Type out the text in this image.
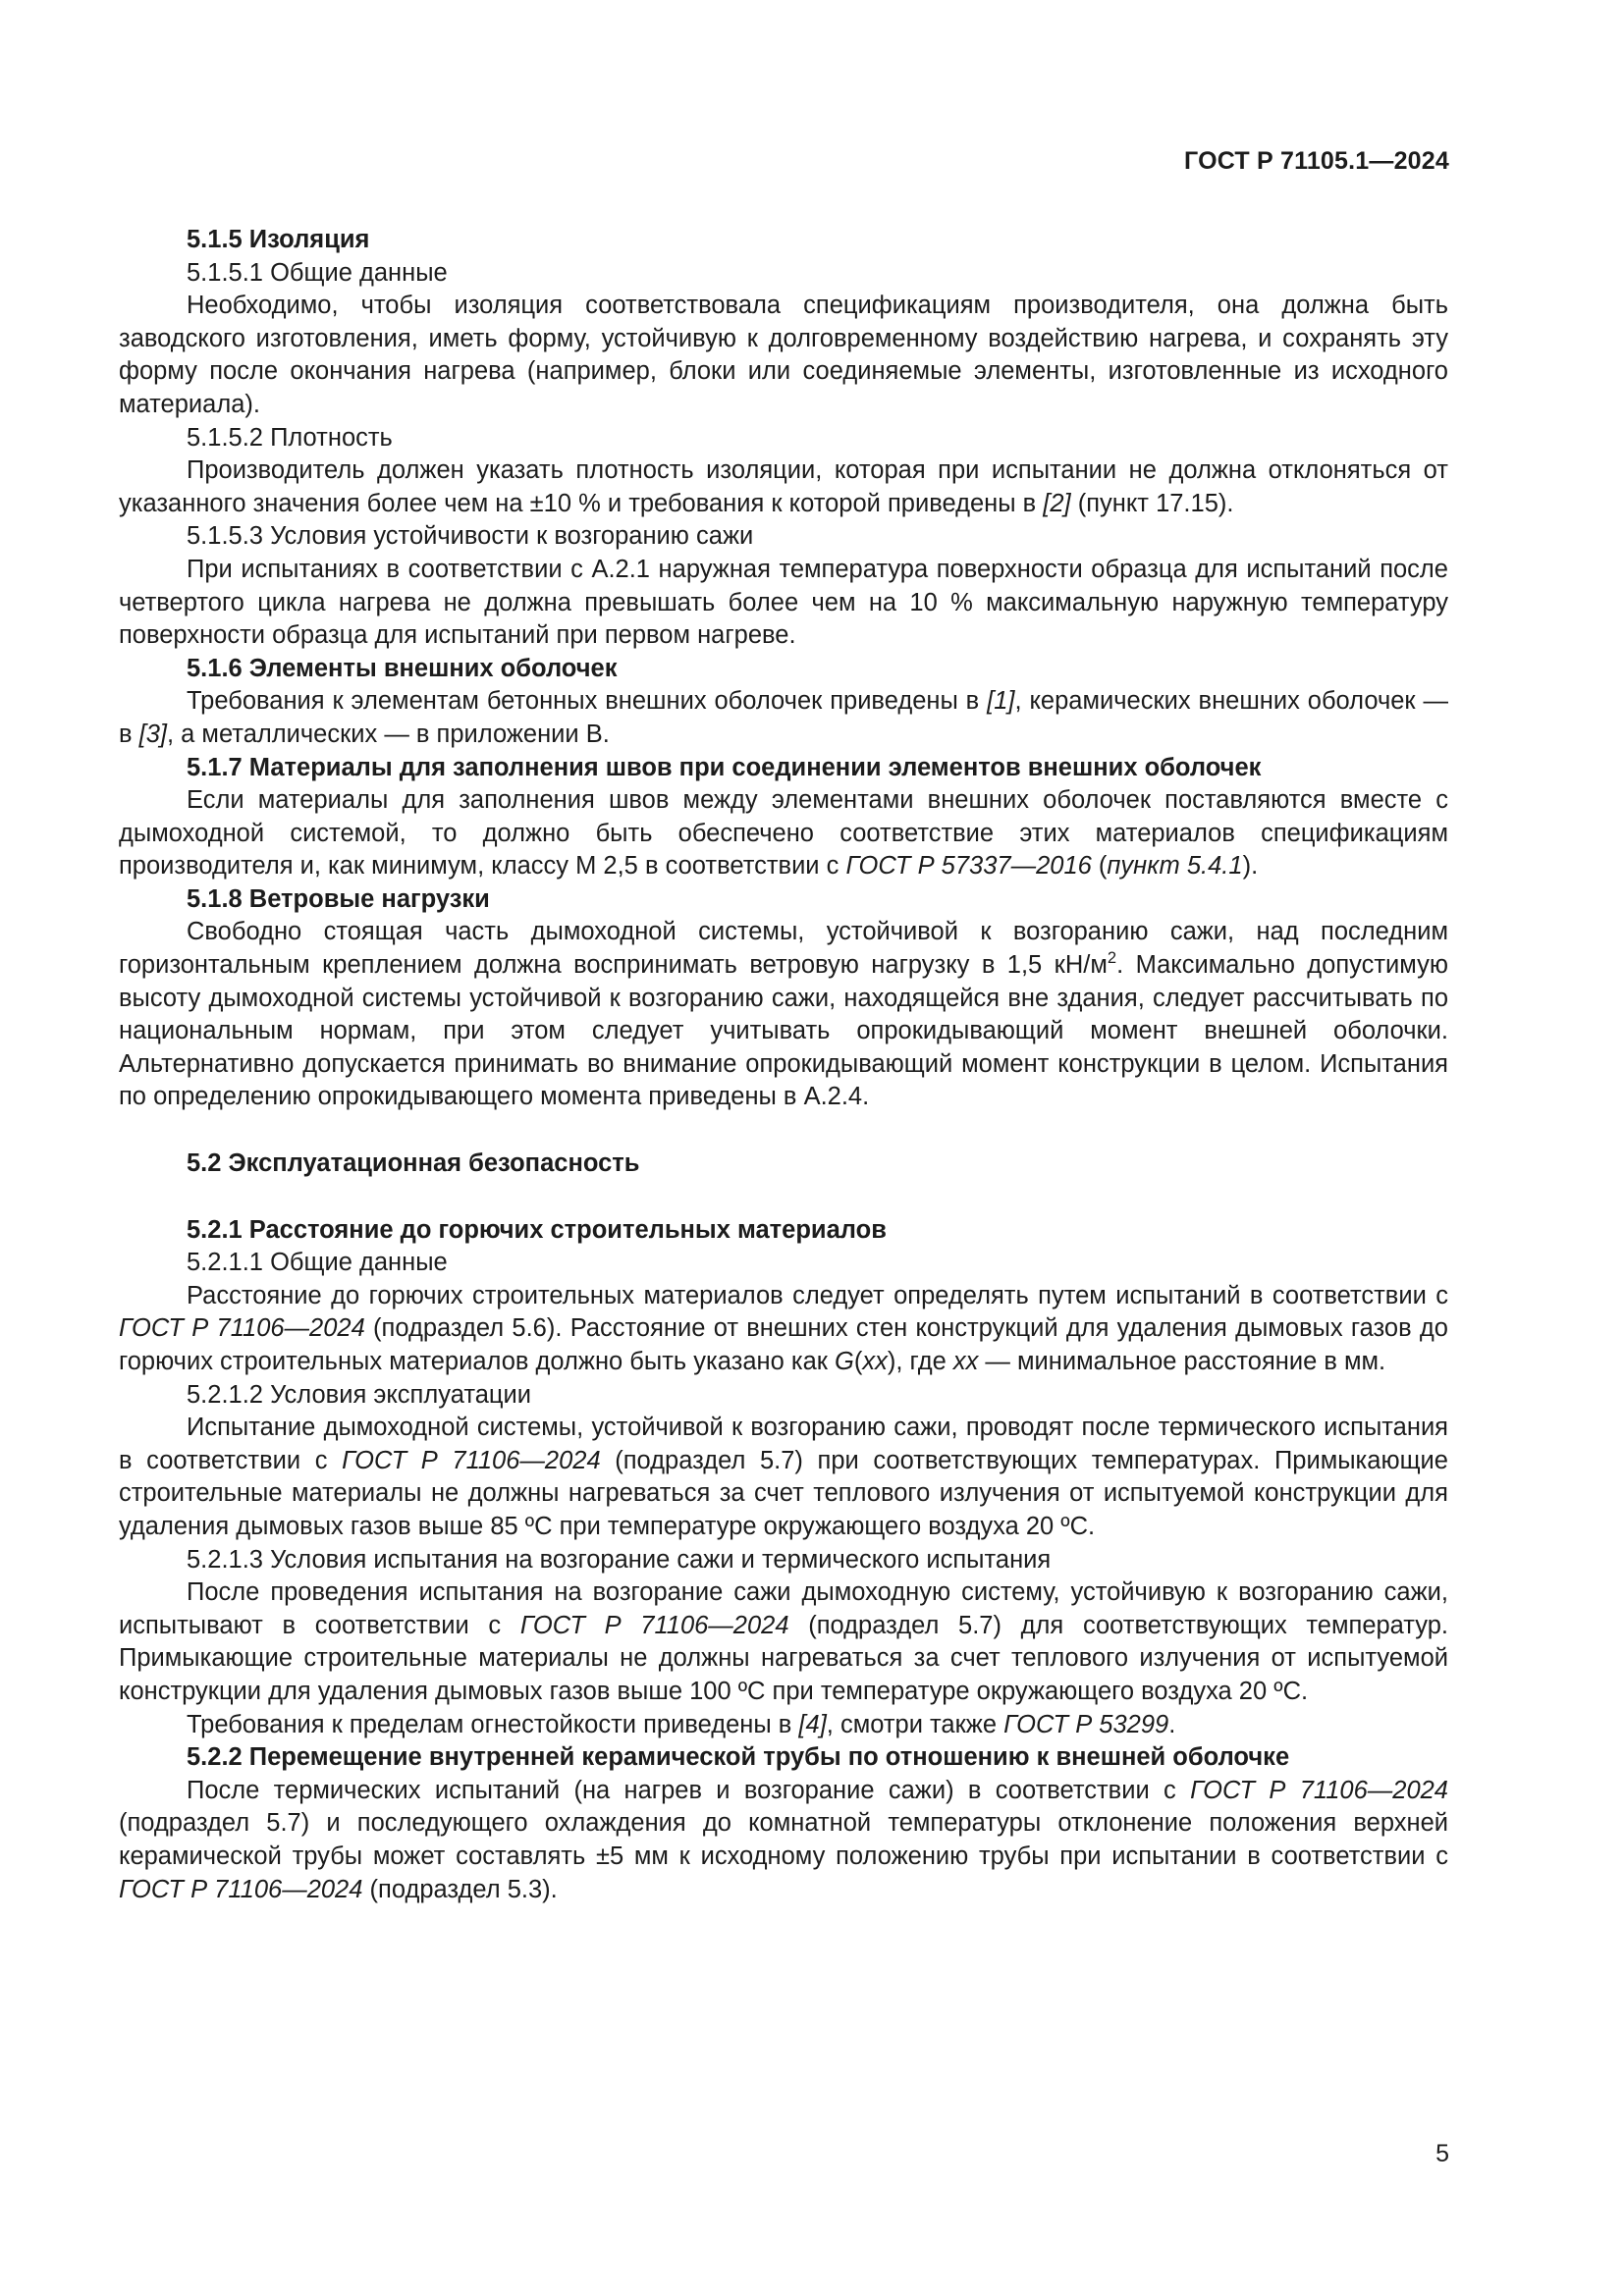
ГОСТ Р 71105.1—2024

5.1.5 Изоляция

5.1.5.1 Общие данные

Необходимо, чтобы изоляция соответствовала спецификациям производителя, она должна быть заводского изготовления, иметь форму, устойчивую к долговременному воздействию нагрева, и сохранять эту форму после окончания нагрева (например, блоки или соединяемые элементы, изготовленные из исходного материала).

5.1.5.2 Плотность

Производитель должен указать плотность изоляции, которая при испытании не должна отклоняться от указанного значения более чем на ±10 % и требования к которой приведены в [2] (пункт 17.15).

5.1.5.3 Условия устойчивости к возгоранию сажи

При испытаниях в соответствии с А.2.1 наружная температура поверхности образца для испытаний после четвертого цикла нагрева не должна превышать более чем на 10 % максимальную наружную температуру поверхности образца для испытаний при первом нагреве.

5.1.6 Элементы внешних оболочек

Требования к элементам бетонных внешних оболочек приведены в [1], керамических внешних оболочек — в [3], а металлических — в приложении В.

5.1.7 Материалы для заполнения швов при соединении элементов внешних оболочек

Если материалы для заполнения швов между элементами внешних оболочек поставляются вместе с дымоходной системой, то должно быть обеспечено соответствие этих материалов спецификациям производителя и, как минимум, классу М 2,5 в соответствии с ГОСТ Р 57337—2016 (пункт 5.4.1).

5.1.8 Ветровые нагрузки

Свободно стоящая часть дымоходной системы, устойчивой к возгоранию сажи, над последним горизонтальным креплением должна воспринимать ветровую нагрузку в 1,5 $кН/м^2$. Максимально допустимую высоту дымоходной системы устойчивой к возгоранию сажи, находящейся вне здания, следует рассчитывать по национальным нормам, при этом следует учитывать опрокидывающий момент внешней оболочки. Альтернативно допускается принимать во внимание опрокидывающий момент конструкции в целом. Испытания по определению опрокидывающего момента приведены в А.2.4.

5.2 Эксплуатационная безопасность

5.2.1 Расстояние до горючих строительных материалов

5.2.1.1 Общие данные

Расстояние до горючих строительных материалов следует определять путем испытаний в соответствии с ГОСТ Р 71106—2024 (подраздел 5.6). Расстояние от внешних стен конструкций для удаления дымовых газов до горючих строительных материалов должно быть указано как G(xx), где xx — минимальное расстояние в мм.

5.2.1.2 Условия эксплуатации

Испытание дымоходной системы, устойчивой к возгоранию сажи, проводят после термического испытания в соответствии с ГОСТ Р 71106—2024 (подраздел 5.7) при соответствующих температурах. Примыкающие строительные материалы не должны нагреваться за счет теплового излучения от испытуемой конструкции для удаления дымовых газов выше 85 ºС при температуре окружающего воздуха 20 ºС.

5.2.1.3 Условия испытания на возгорание сажи и термического испытания

После проведения испытания на возгорание сажи дымоходную систему, устойчивую к возгоранию сажи, испытывают в соответствии с ГОСТ Р 71106—2024 (подраздел 5.7) для соответствующих температур. Примыкающие строительные материалы не должны нагреваться за счет теплового излучения от испытуемой конструкции для удаления дымовых газов выше 100 ºС при температуре окружающего воздуха 20 ºС.

Требования к пределам огнестойкости приведены в [4], смотри также ГОСТ Р 53299.

5.2.2 Перемещение внутренней керамической трубы по отношению к внешней оболочке

После термических испытаний (на нагрев и возгорание сажи) в соответствии с ГОСТ Р 71106—2024 (подраздел 5.7) и последующего охлаждения до комнатной температуры отклонение положения верхней керамической трубы может составлять ±5 мм к исходному положению трубы при испытании в соответствии с ГОСТ Р 71106—2024 (подраздел 5.3).

5
